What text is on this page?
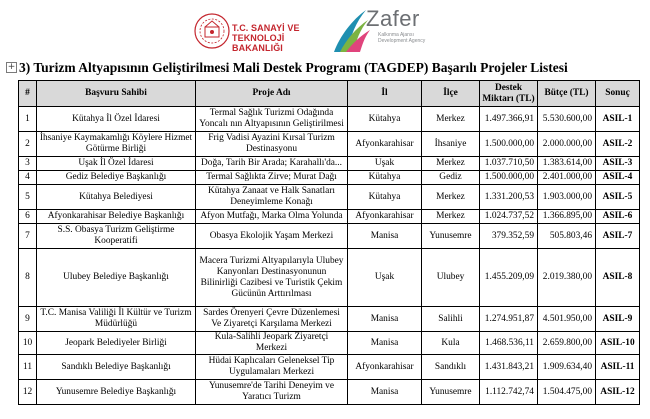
T.C. SANAYİ VE
TEKNOLOJİ BAKANLIĞI
Zafer
Kalkınma Ajansı
Development Agency
+ 3) Turizm Altyapısının Geliştirilmesi Mali Destek Programı (TAGDEP) Başarılı Projeler Listesi
#	Başvuru Sahibi	Proje Adı	İl	İlçe	Destek Miktarı (TL)	Bütçe (TL)	Sonuç
1	Kütahya İl Özel İdaresi	Termal Sağlık Turizmi Odağında Yoncalı nın Altyapısının Geliştirilmesi	Kütahya	Merkez	1.497.366,91	5.530.600,00	ASIL-1
2	İhsaniye Kaymakamlığı Köylere Hizmet Götürme Birliği	Frig Vadisi Ayazini Kırsal Turizm Destinasyonu	Afyonkarahisar	İhsaniye	1.500.000,00	2.000.000,00	ASIL-2
3	Uşak İl Özel İdaresi	Doğa, Tarih Bir Arada; Karahallı'da...	Uşak	Merkez	1.037.710,50	1.383.614,00	ASIL-3
4	Gediz Belediye Başkanlığı	Termal Sağlıkta Zirve; Murat Dağı	Kütahya	Gediz	1.500.000,00	2.401.000,00	ASIL-4
5	Kütahya Belediyesi	Kütahya Zanaat ve Halk Sanatları Deneyimleme Konağı	Kütahya	Merkez	1.331.200,53	1.903.000,00	ASIL-5
6	Afyonkarahisar Belediye Başkanlığı	Afyon Mutfağı, Marka Olma Yolunda	Afyonkarahisar	Merkez	1.024.737,52	1.366.895,00	ASIL-6
7	S.S. Obasya Turizm Geliştirme Kooperatifi	Obasya Ekolojik Yaşam Merkezi	Manisa	Yunusemre	379.352,59	505.803,46	ASIL-7
8	Ulubey Belediye Başkanlığı	Macera Turizmi Altyapılarıyla Ulubey Kanyonları Destinasyonunun Bilinirliği Cazibesi ve Turistik Çekim Gücünün Arttırılması	Uşak	Ulubey	1.455.209,09	2.019.380,00	ASIL-8
9	T.C. Manisa Valiliği İl Kültür ve Turizm Müdürlüğü	Sardes Örenyeri Çevre Düzenlemesi Ve Ziyaretçi Karşılama Merkezi	Manisa	Salihli	1.274.951,87	4.501.950,00	ASIL-9
10	Jeopark Belediyeler Birliği	Kula-Salihli Jeopark Ziyaretçi Merkezi	Manisa	Kula	1.468.536,11	2.659.800,00	ASIL-10
11	Sandıklı Belediye Başkanlığı	Hüdai Kaplıcaları Geleneksel Tip Uygulamaları Merkezi	Afyonkarahisar	Sandıklı	1.431.843,21	1.909.634,40	ASIL-11
12	Yunusemre Belediye Başkanlığı	Yunusemre'de Tarihi Deneyim ve Yaratıcı Turizm	Manisa	Yunusemre	1.112.742,74	1.504.475,00	ASIL-12
